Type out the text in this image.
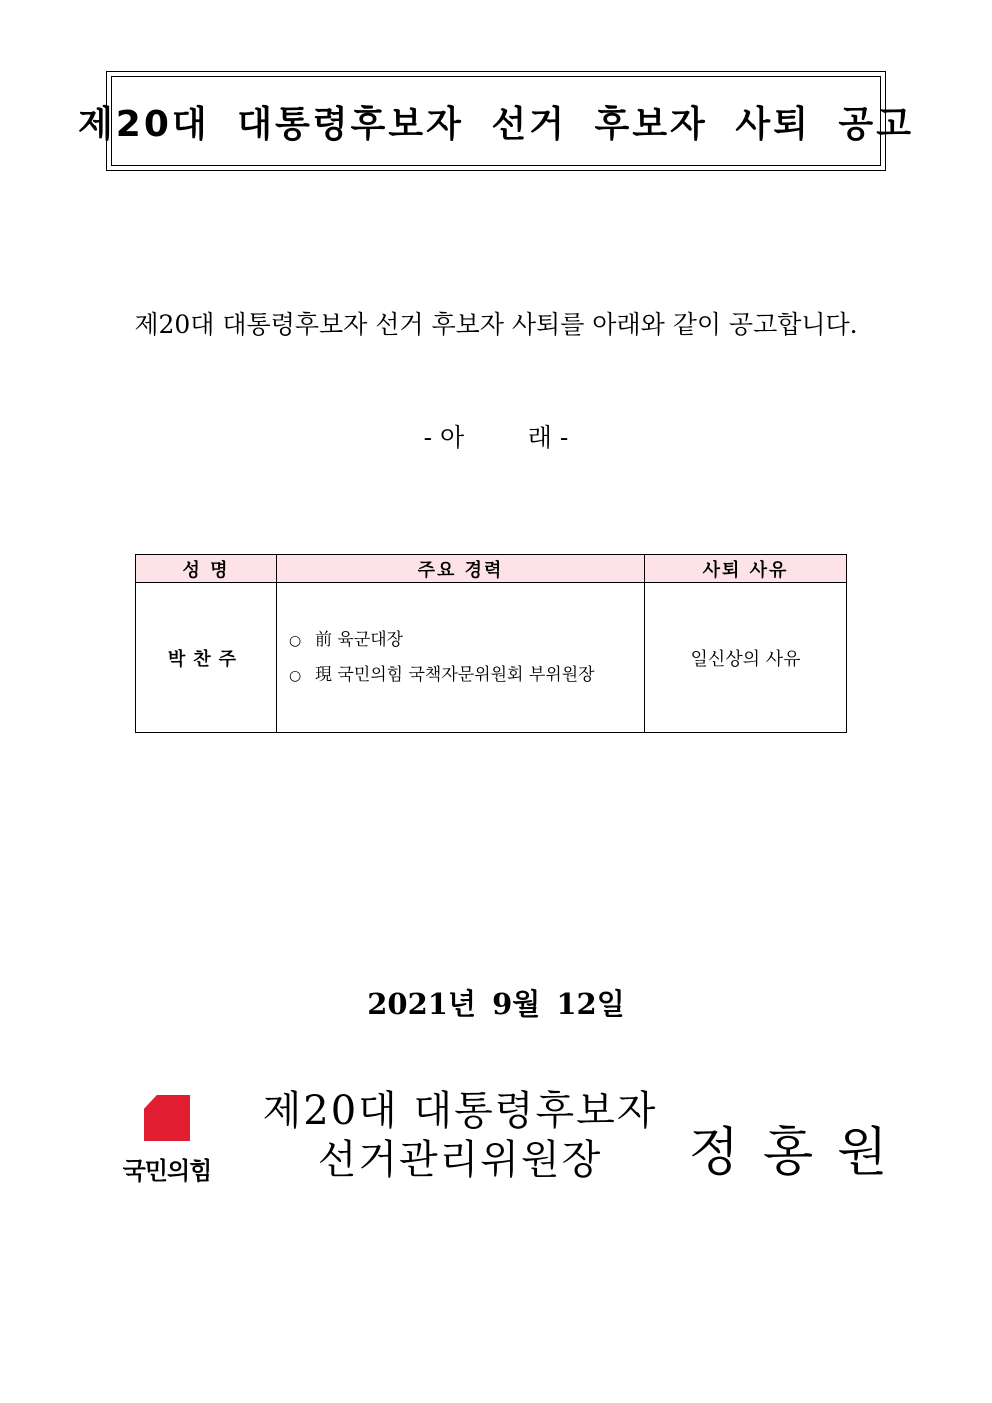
제20대 대통령후보자 선거 후보자 사퇴 공고
제20대 대통령후보자 선거 후보자 사퇴를 아래와 같이 공고합니다.
- 아        래 -
성 명	주요 경력	사퇴 사유
박찬주	○ 前 육군대장
○ 現 국민의힘 국책자문위원회 부위원장	일신상의 사유
2021년 9월 12일
국민의힘
제20대 대통령후보자
선거관리위원장	정홍원
